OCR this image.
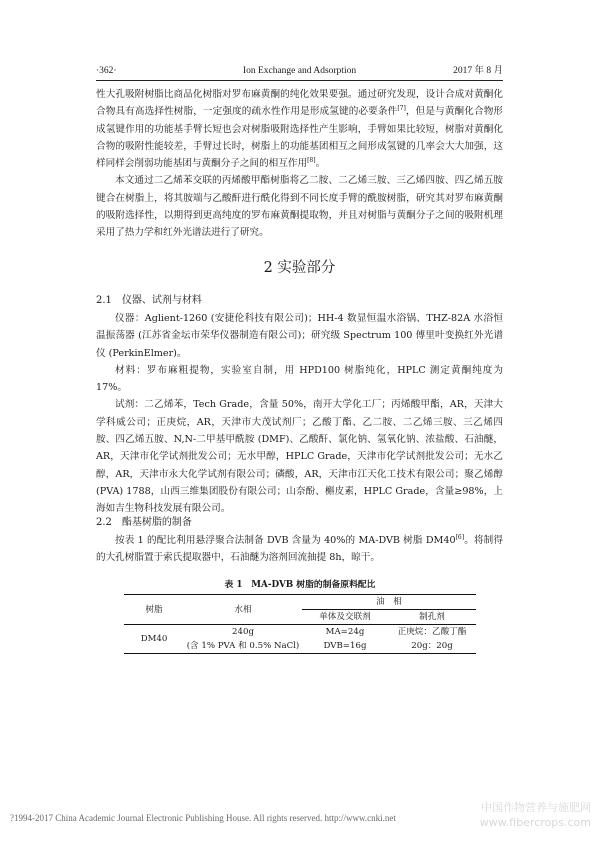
·362·	Ion Exchange and Adsorption	2017 年 8 月

性大孔吸附树脂比商品化树脂对罗布麻黄酮的纯化效果要强。通过研究发现，设计合成对黄酮化合物具有高选择性树脂，一定强度的疏水性作用是形成氢键的必要条件[7]，但是与黄酮化合物形成氢键作用的功能基手臂长短也会对树脂吸附选择性产生影响，手臂如果比较短，树脂对黄酮化合物的吸附性能较差，手臂过长时，树脂上的功能基团相互之间形成氢键的几率会大大加强，这样同样会削弱功能基团与黄酮分子之间的相互作用[8]。

本文通过二乙烯苯交联的丙烯酸甲酯树脂将乙二胺、二乙烯三胺、三乙烯四胺、四乙烯五胺键合在树脂上，将其胺端与乙酸酐进行酰化得到不同长度手臂的酰胺树脂，研究其对罗布麻黄酮的吸附选择性，以期得到更高纯度的罗布麻黄酮提取物，并且对树脂与黄酮分子之间的吸附机理采用了热力学和红外光谱法进行了研究。

2 实验部分
2.1　仪器、试剂与材料

仪器：Aglient-1260 (安捷伦科技有限公司)；HH-4 数显恒温水浴锅、THZ-82A 水浴恒温振荡器 (江苏省金坛市荣华仪器制造有限公司)；研究级 Spectrum 100 傅里叶变换红外光谱仪 (PerkinElmer)。

材料：罗布麻粗提物，实验室自制，用 HPD100 树脂纯化，HPLC 测定黄酮纯度为 17%。

试剂：二乙烯苯，Tech Grade，含量 50%，南开大学化工厂；丙烯酸甲酯，AR，天津大学科威公司；正庚烷，AR，天津市大茂试剂厂；乙酸丁酯、乙二胺、二乙烯三胺、三乙烯四胺、四乙烯五胺、N,N-二甲基甲酰胺 (DMF)、乙酸酐、氯化钠、氢氧化钠、浓盐酸、石油醚，AR，天津市化学试剂批发公司；无水甲醇，HPLC Grade，天津市化学试剂批发公司；无水乙醇，AR，天津市永大化学试剂有限公司；磷酸，AR，天津市江天化工技术有限公司；聚乙烯醇 (PVA) 1788，山西三维集团股份有限公司；山奈酚、槲皮素，HPLC Grade，含量≥98%，上海如吉生物科技发展有限公司。

2.2　酯基树脂的制备

按表 1 的配比利用悬浮聚合法制备 DVB 含量为 40%的 MA-DVB 树脂 DM40[6]。将制得的大孔树脂置于索氏提取器中，石油醚为溶剂回流抽提 8h，晾干。

表 1　MA-DVB 树脂的制备原料配比
树脂	水相	油　相	
		单体及交联剂	制孔剂
DM40	240g	MA=24g	正庚烷：乙酸丁酯
	(含 1% PVA 和 0.5% NaCl)	DVB=16g	20g：20g
?1994-2017 China Academic Journal Electronic Publishing House. All rights reserved. http://www.cnki.net
中国作物营养与施肥网
www.fibercrops.com
